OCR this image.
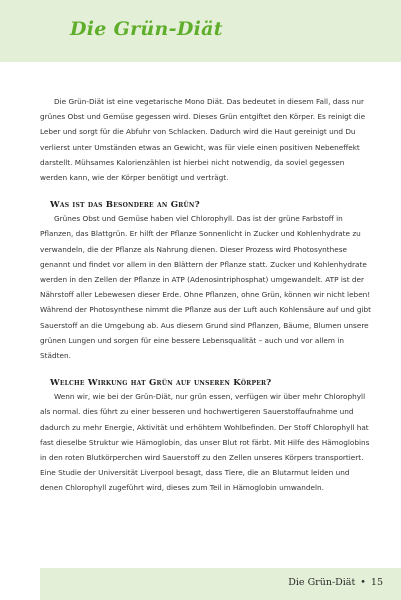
Die Grün-Diät

Die Grün-Diät ist eine vegetarische Mono Diät. Das bedeutet in diesem Fall, dass nur grünes Obst und Gemüse gegessen wird. Dieses Grün entgiftet den Körper. Es reinigt die Leber und sorgt für die Abfuhr von Schlacken. Dadurch wird die Haut gereinigt und Du verlierst unter Umständen etwas an Gewicht, was für viele einen positiven Nebeneffekt darstellt. Mühsames Kalorienzählen ist hierbei nicht notwendig, da soviel gegessen werden kann, wie der Körper benötigt und verträgt.

Was ist das Besondere an Grün?

Grünes Obst und Gemüse haben viel Chlorophyll. Das ist der grüne Farbstoff in Pflanzen, das Blattgrün. Er hilft der Pflanze Sonnenlicht in Zucker und Kohlenhydrate zu verwandeln, die der Pflanze als Nahrung dienen. Dieser Prozess wird Photosynthese genannt und findet vor allem in den Blättern der Pflanze statt. Zucker und Kohlenhydrate werden in den Zellen der Pflanze in ATP (Adenosintriphosphat) umgewandelt. ATP ist der Nährstoff aller Lebewesen dieser Erde. Ohne Pflanzen, ohne Grün, können wir nicht leben! Während der Photosynthese nimmt die Pflanze aus der Luft auch Kohlensäure auf und gibt Sauerstoff an die Umgebung ab. Aus diesem Grund sind Pflanzen, Bäume, Blumen unsere grünen Lungen und sorgen für eine bessere Lebensqualität – auch und vor allem in Städten.

Welche Wirkung hat Grün auf unseren Körper?

Wenn wir, wie bei der Grün-Diät, nur grün essen, verfügen wir über mehr Chlorophyll als normal. dies führt zu einer besseren und hochwertigeren Sauerstoffaufnahme und dadurch zu mehr Energie, Aktivität und erhöhtem Wohlbefinden. Der Stoff Chlorophyll hat fast dieselbe Struktur wie Hämoglobin, das unser Blut rot färbt. Mit Hilfe des Hämoglobins in den roten Blutkörperchen wird Sauerstoff zu den Zellen unseres Körpers transportiert. Eine Studie der Universität Liverpool besagt, dass Tiere, die an Blutarmut leiden und denen Chlorophyll zugeführt wird, dieses zum Teil in Hämoglobin umwandeln.

Die Grün-Diät • 15
